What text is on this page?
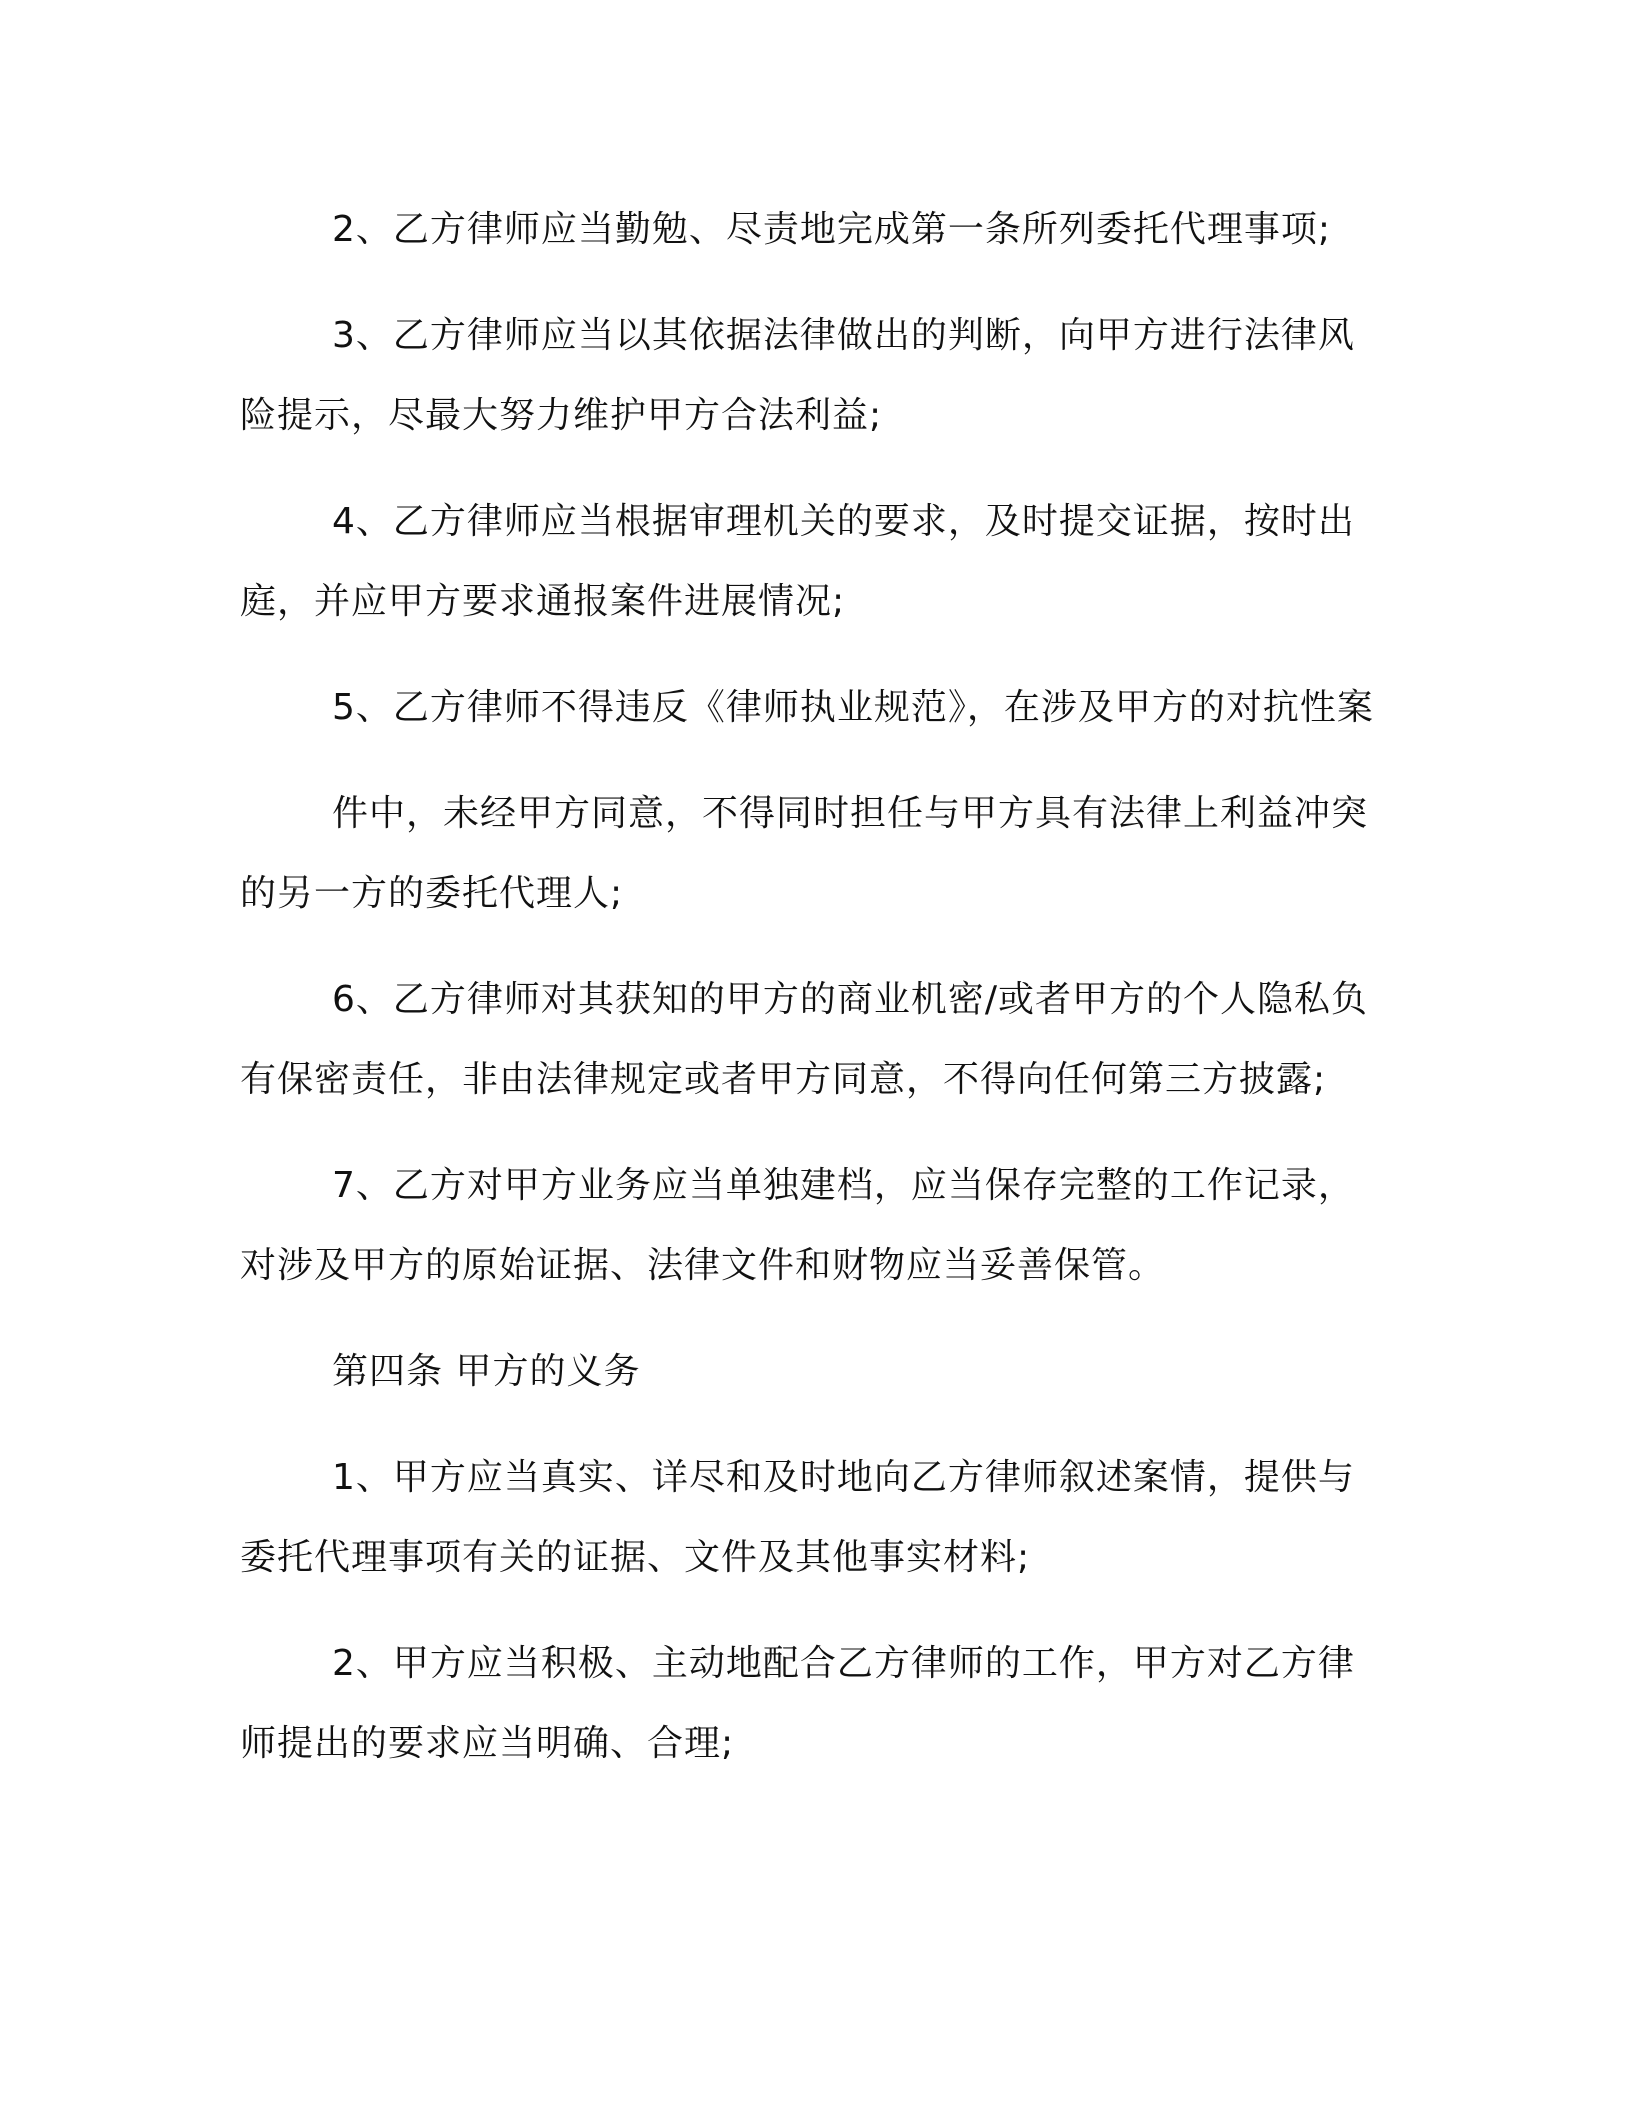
2、乙方律师应当勤勉、尽责地完成第一条所列委托代理事项;

3、乙方律师应当以其依据法律做出的判断，向甲方进行法律风险提示，尽最大努力维护甲方合法利益;

4、乙方律师应当根据审理机关的要求，及时提交证据，按时出庭，并应甲方要求通报案件进展情况;

5、乙方律师不得违反《律师执业规范》，在涉及甲方的对抗性案

件中，未经甲方同意，不得同时担任与甲方具有法律上利益冲突的另一方的委托代理人;

6、乙方律师对其获知的甲方的商业机密/或者甲方的个人隐私负有保密责任，非由法律规定或者甲方同意，不得向任何第三方披露;

7、乙方对甲方业务应当单独建档，应当保存完整的工作记录，对涉及甲方的原始证据、法律文件和财物应当妥善保管。

第四条 甲方的义务

1、甲方应当真实、详尽和及时地向乙方律师叙述案情，提供与委托代理事项有关的证据、文件及其他事实材料;

2、甲方应当积极、主动地配合乙方律师的工作，甲方对乙方律师提出的要求应当明确、合理;
